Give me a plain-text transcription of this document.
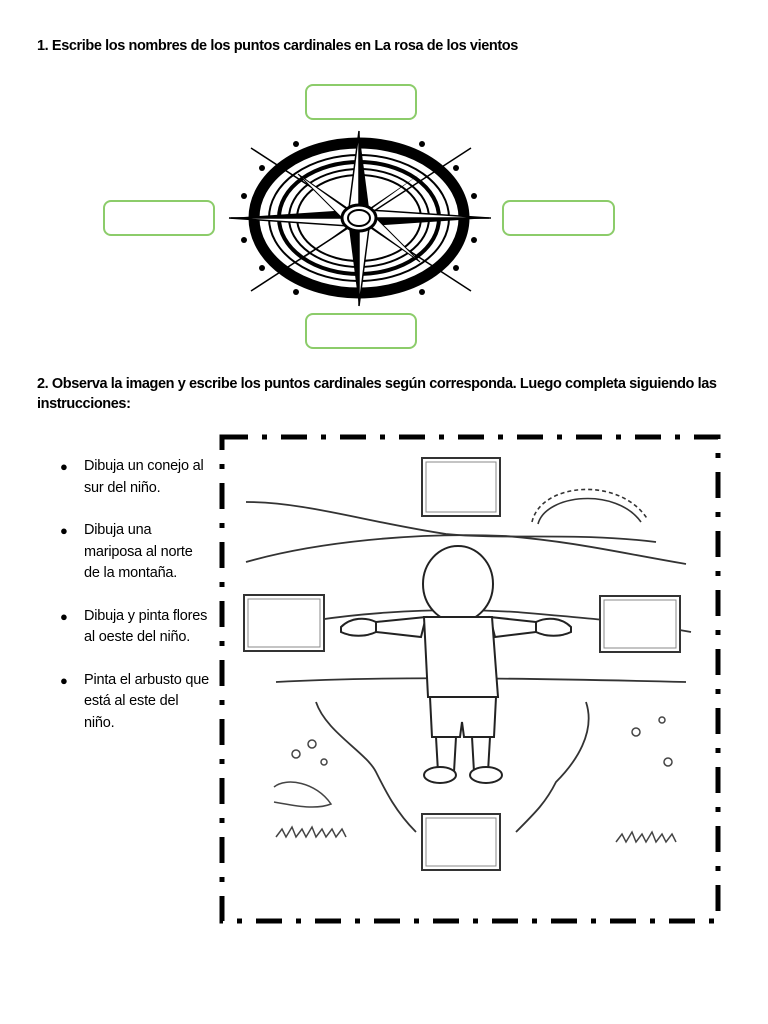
1. Escribe los nombres de los puntos cardinales en La rosa de los vientos
2. Observa la imagen y escribe los puntos cardinales según corresponda. Luego completa siguiendo las instrucciones:
● Dibuja un conejo al sur del niño.
● Dibuja una mariposa al norte de la montaña.
● Dibuja y pinta flores al oeste del niño.
● Pinta el arbusto que está al este del niño.
